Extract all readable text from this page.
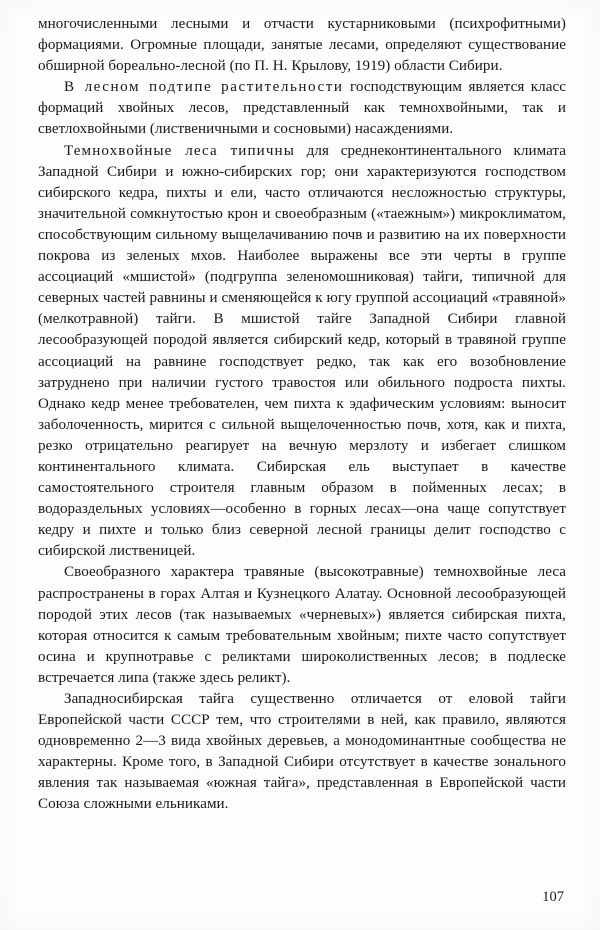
многочисленными лесными и отчасти кустарниковыми (психрофитными) формациями. Огромные площади, занятые лесами, определяют существование обширной бореально-лесной (по П. Н. Крылову, 1919) области Сибири.

В лесном подтипе растительности господствующим является класс формаций хвойных лесов, представленный как темнохвойными, так и светлохвойными (лиственичными и сосновыми) насаждениями.

Темнохвойные леса типичны для среднеконтинентального климата Западной Сибири и южно-сибирских гор; они характеризуются господством сибирского кедра, пихты и ели, часто отличаются несложностью структуры, значительной сомкнутостью крон и своеобразным («таежным») микроклиматом, способствующим сильному выщелачиванию почв и развитию на их поверхности покрова из зеленых мхов. Наиболее выражены все эти черты в группе ассоциаций «мшистой» (подгруппа зеленомошниковая) тайги, типичной для северных частей равнины и сменяющейся к югу группой ассоциаций «травяной» (мелкотравной) тайги. В мшистой тайге Западной Сибири главной лесообразующей породой является сибирский кедр, который в травяной группе ассоциаций на равнине господствует редко, так как его возобновление затруднено при наличии густого травостоя или обильного подроста пихты. Однако кедр менее требователен, чем пихта к эдафическим условиям: выносит заболоченность, мирится с сильной выщелоченностью почв, хотя, как и пихта, резко отрицательно реагирует на вечную мерзлоту и избегает слишком континентального климата. Сибирская ель выступает в качестве самостоятельного строителя главным образом в пойменных лесах; в водораздельных условиях—особенно в горных лесах—она чаще сопутствует кедру и пихте и только близ северной лесной границы делит господство с сибирской лиственицей.

Своеобразного характера травяные (высокотравные) темнохвойные леса распространены в горах Алтая и Кузнецкого Алатау. Основной лесообразующей породой этих лесов (так называемых «черневых») является сибирская пихта, которая относится к самым требовательным хвойным; пихте часто сопутствует осина и крупнотравье с реликтами широколиственных лесов; в подлеске встречается липа (также здесь реликт).

Западносибирская тайга существенно отличается от еловой тайги Европейской части СССР тем, что строителями в ней, как правило, являются одновременно 2—3 вида хвойных деревьев, а монодоминантные сообщества не характерны. Кроме того, в Западной Сибири отсутствует в качестве зонального явления так называемая «южная тайга», представленная в Европейской части Союза сложными ельниками.

107
